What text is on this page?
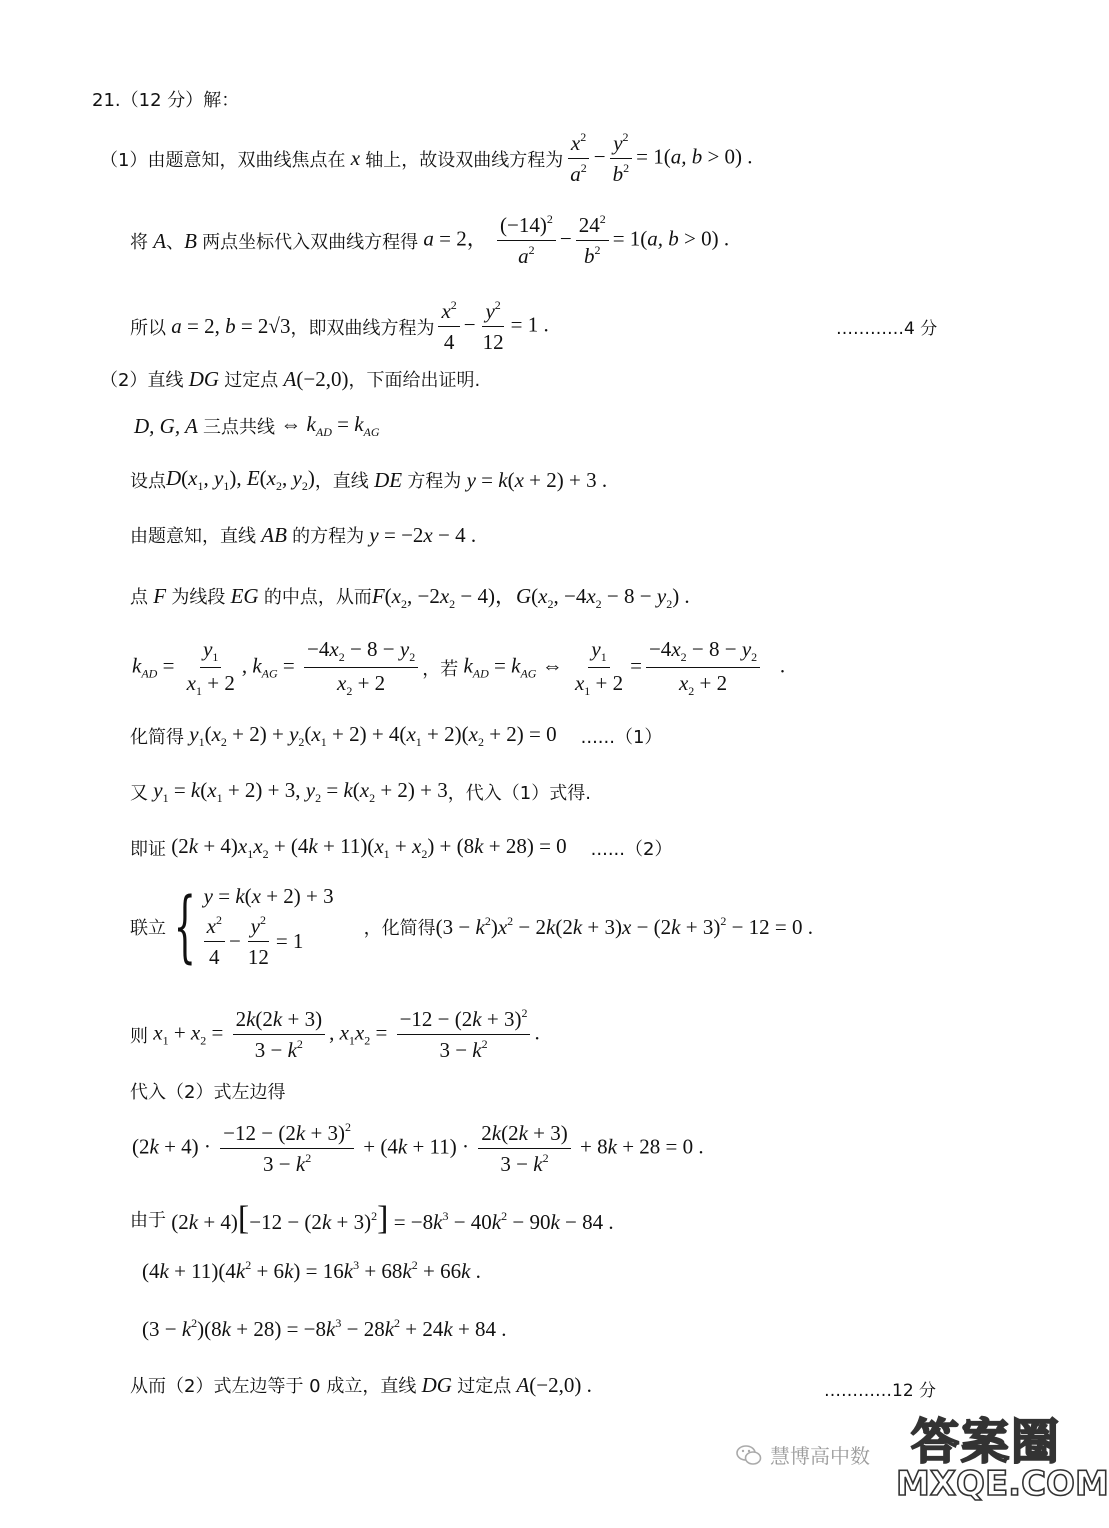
21.（12 分）解：
（1） 由题意知，双曲线焦点在 x 轴上，故设双曲线方程为 $\frac{x^2}{a^2} - \frac{y^2}{b^2} = 1(a$, b > 0) .
将 A、B 两点坐标代入双曲线方程得 a = 2， $\frac{(-14)^2}{a^2} - \frac{24^2}{b^2} = 1(a$, b > 0) .
所以 a = 2, b = 2√3 ，即双曲线方程为 $\frac{x^2}{4} - \frac{y^2}{12} = 1$ .	…………4 分
（2） 直线 DG 过定点 A(−2,0) ，下面给出证明.
D, G, A 三点共线 ⇔ $k_{AD} = k_{AG}$
设点 $D(x_1$, $y_1$), $E(x_2$, $y_2$) ，直线 DE 方程为 y = k(x + 2) + 3 .
由题意知，直线 AB 的方程为 y = −2x − 4 .
点 F 为线段 EG 的中点，从而 $F(x_2$, $-2x_2 - 4$)，$G(x_2$, $-4x_2 - 8 - y_2$) .
$k_{AD} = \frac{y_1}{x_1 + 2}$ , $k_{AG} = \frac{-4x_2 - 8 - y_2}{x_2 + 2}$ ，若 $k_{AD} = k_{AG}$ ⇔ $\frac{y_1}{x_1 + 2} = \frac{-4x_2 - 8 - y_2}{x_2 + 2}$ .
化简得 $y_1(x_2 + 2) + y_2(x_1 + 2) + 4(x_1 + 2)(x_2 + 2) = 0$ ......（1）
又 $y_1 = k(x_1 + 2) + 3$, $y_2 = k(x_2 + 2) + 3$ ，代入（1）式得.
即证 $(2k + 4)x_1x_2 + (4k + 11)(x_1 + x_2) + (8k + 28) = 0$ ......（2）
联立 { y = k(x + 2) + 3
$\frac{x^2}{4} - \frac{y^2}{12} = 1$
，化简得 $(3 - k^2)x^2 - 2k(2k + 3)x - (2k + 3)^2 - 12 = 0$ .
则 $x_1 + x_2 = \frac{2k(2k + 3)}{3 - k^2}$ , $x_1x_2 = \frac{-12 - (2k + 3)^2}{3 - k^2}$ .
代入（2）式左边得
$(2k + 4) \cdot \frac{-12 - (2k + 3)^2}{3 - k^2} + (4k + 11) \cdot \frac{2k(2k + 3)}{3 - k^2} + 8k + 28 = 0$ .
由于 $(2k + 4)[-12 - (2k + 3)^2] = -8k^3 - 40k^2 - 90k - 84$ .
$(4k + 11)(4k^2 + 6k) = 16k^3 + 68k^2 + 66k$ .
$(3 - k^2)(8k + 28) = -8k^3 - 28k^2 + 24k + 84$ .
从而（2）式左边等于 0 成立，直线 DG 过定点 A(−2,0) .	…………12 分
慧博高中数 答案圈
MXQE.COM
